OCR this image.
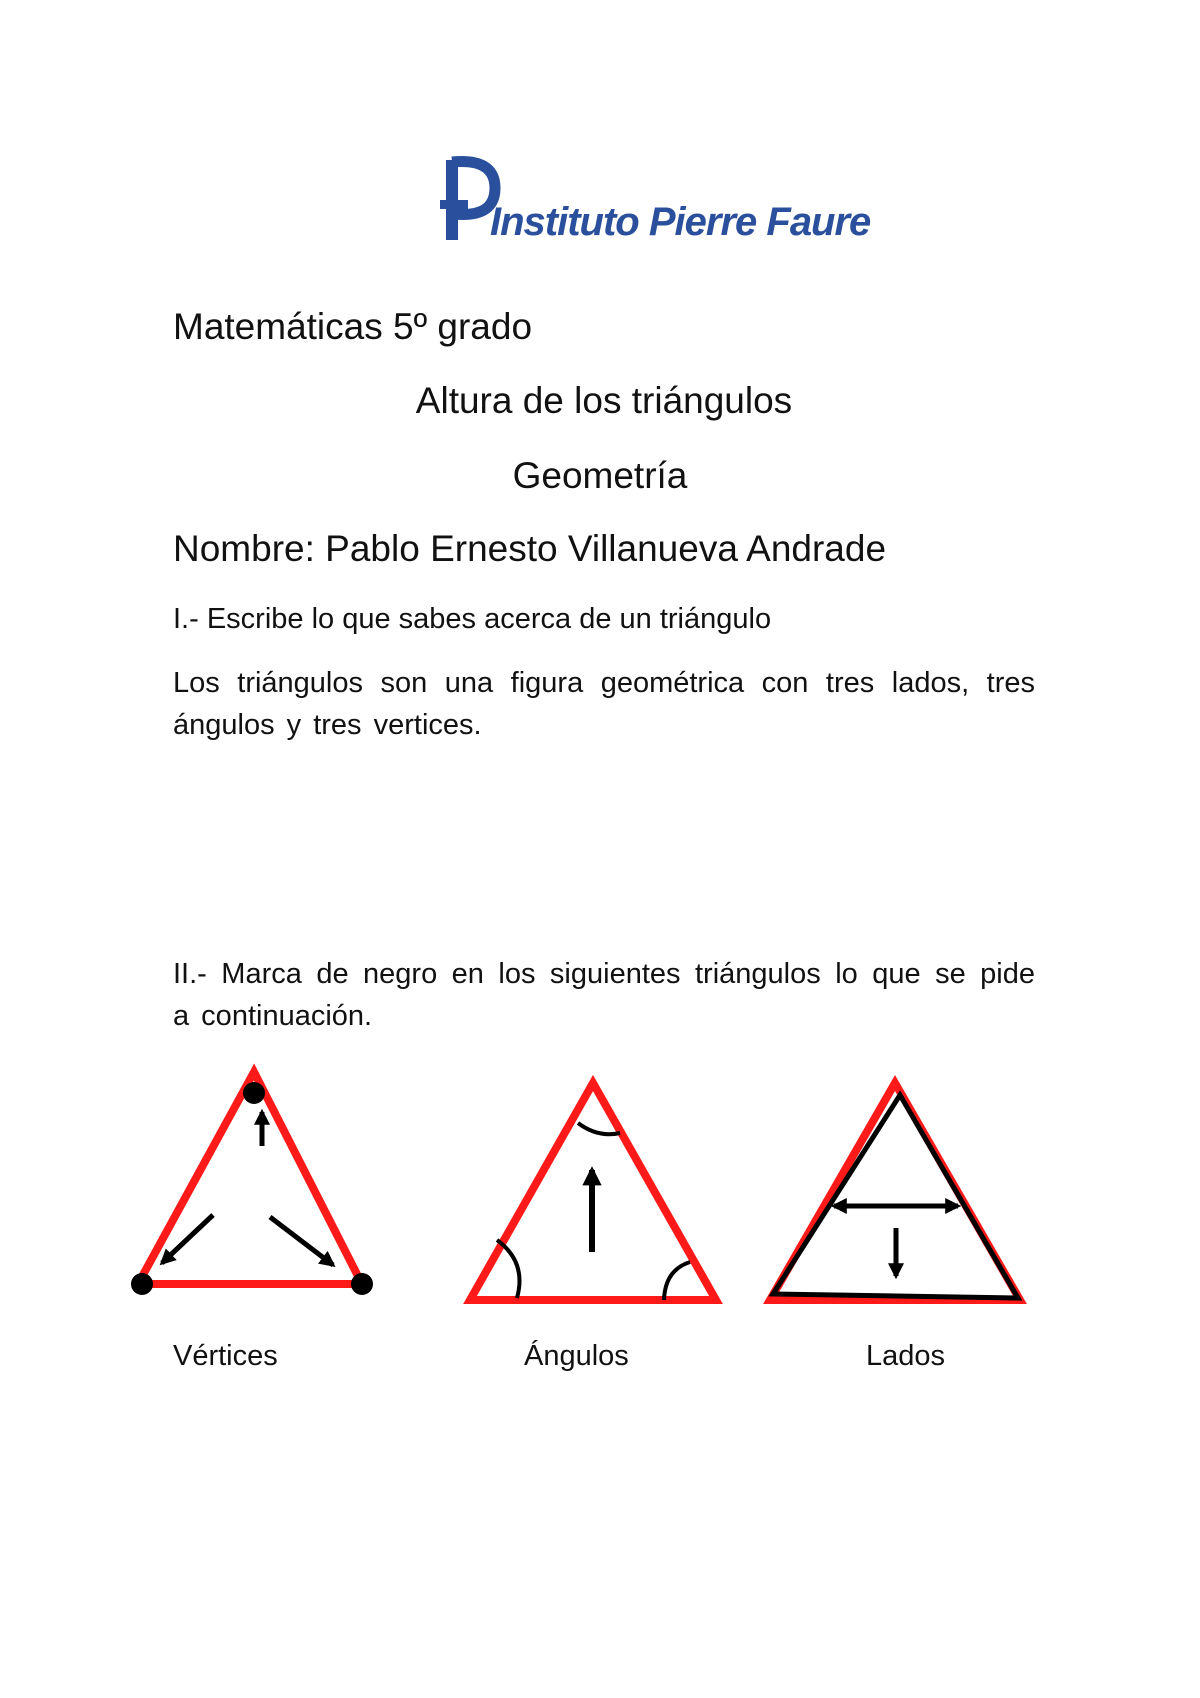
Instituto Pierre Faure
Matemáticas 5º grado
Altura de los triángulos
Geometría
Nombre: Pablo Ernesto Villanueva Andrade
I.- Escribe lo que sabes acerca de un triángulo
Los triángulos son una figura geométrica con tres lados, tres ángulos y tres vertices.
II.- Marca de negro en los siguientes triángulos lo que se pide a continuación.
Vértices	Ángulos	Lados
